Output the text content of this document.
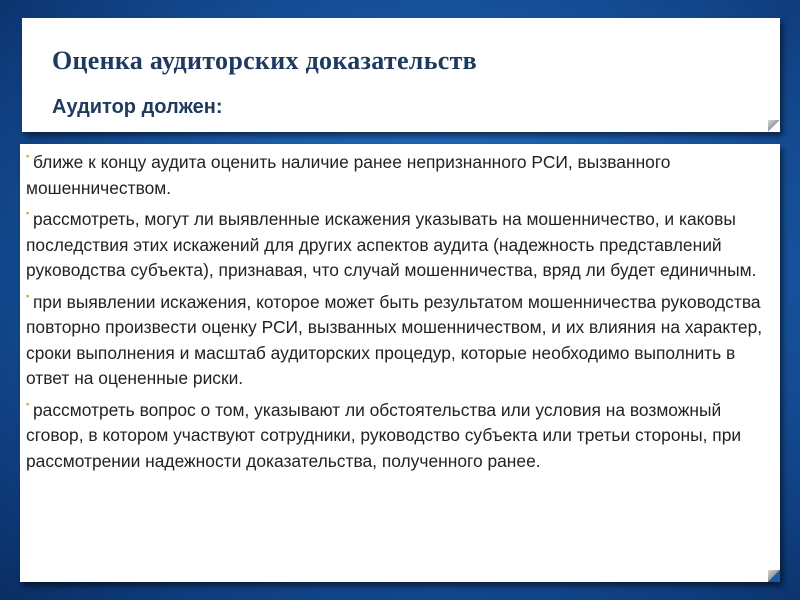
Оценка аудиторских доказательств
Аудитор должен:
▪ ближе к концу аудита оценить наличие ранее непризнанного РСИ, вызванного мошенничеством.
▪ рассмотреть, могут ли выявленные искажения указывать на мошенничество, и каковы последствия этих искажений для других аспектов аудита (надежность представлений руководства субъекта), признавая, что случай мошенничества, вряд ли будет единичным.
▪ при выявлении искажения, которое может быть результатом мошенничества руководства повторно произвести оценку РСИ, вызванных мошенничеством, и их влияния на характер, сроки выполнения и масштаб аудиторских процедур, которые необходимо выполнить в ответ на оцененные риски.
▪ рассмотреть вопрос о том, указывают ли обстоятельства или условия на возможный сговор, в котором участвуют сотрудники, руководство субъекта или третьи стороны, при рассмотрении надежности доказательства, полученного ранее.
